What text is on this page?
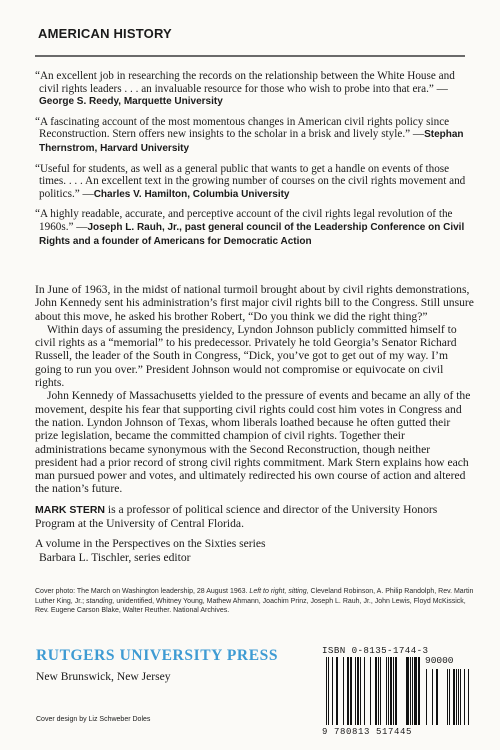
AMERICAN HISTORY

“An excellent job in researching the records on the relationship between the White House and civil rights leaders . . . an invaluable resource for those who wish to probe into that era.” —George S. Reedy, Marquette University

“A fascinating account of the most momentous changes in American civil rights policy since Reconstruction. Stern offers new insights to the scholar in a brisk and lively style.” —Stephan Thernstrom, Harvard University

“Useful for students, as well as a general public that wants to get a handle on events of those times. . . . An excellent text in the growing number of courses on the civil rights movement and politics.” —Charles V. Hamilton, Columbia University

“A highly readable, accurate, and perceptive account of the civil rights legal revolution of the 1960s.” —Joseph L. Rauh, Jr., past general council of the Leadership Conference on Civil Rights and a founder of Americans for Democratic Action

In June of 1963, in the midst of national turmoil brought about by civil rights demonstrations, John Kennedy sent his administration’s first major civil rights bill to the Congress. Still unsure about this move, he asked his brother Robert, “Do you think we did the right thing?”

Within days of assuming the presidency, Lyndon Johnson publicly committed himself to civil rights as a “memorial” to his predecessor. Privately he told Georgia’s Senator Richard Russell, the leader of the South in Congress, “Dick, you’ve got to get out of my way. I’m going to run you over.” President Johnson would not compromise or equivocate on civil rights.

John Kennedy of Massachusetts yielded to the pressure of events and became an ally of the movement, despite his fear that supporting civil rights could cost him votes in Congress and the nation. Lyndon Johnson of Texas, whom liberals loathed because he often gutted their prize legislation, became the committed champion of civil rights. Together their administrations became synonymous with the Second Reconstruction, though neither president had a prior record of strong civil rights commitment. Mark Stern explains how each man pursued power and votes, and ultimately redirected his own course of action and altered the nation’s future.

MARK STERN is a professor of political science and director of the University Honors Program at the University of Central Florida.

A volume in the Perspectives on the Sixties series

Barbara L. Tischler, series editor

Cover photo: The March on Washington leadership, 28 August 1963. Left to right, sitting, Cleveland Robinson, A. Philip Randolph, Rev. Martin Luther King, Jr.; standing, unidentified, Whitney Young, Mathew Ahmann, Joachim Prinz, Joseph L. Rauh, Jr., John Lewis, Floyd McKissick, Rev. Eugene Carson Blake, Walter Reuther. National Archives.
RUTGERS UNIVERSITY PRESS
New Brunswick, New Jersey
Cover design by Liz Schweber Doles
ISBN 0-8135-1744-3
90000
9 780813 517445
